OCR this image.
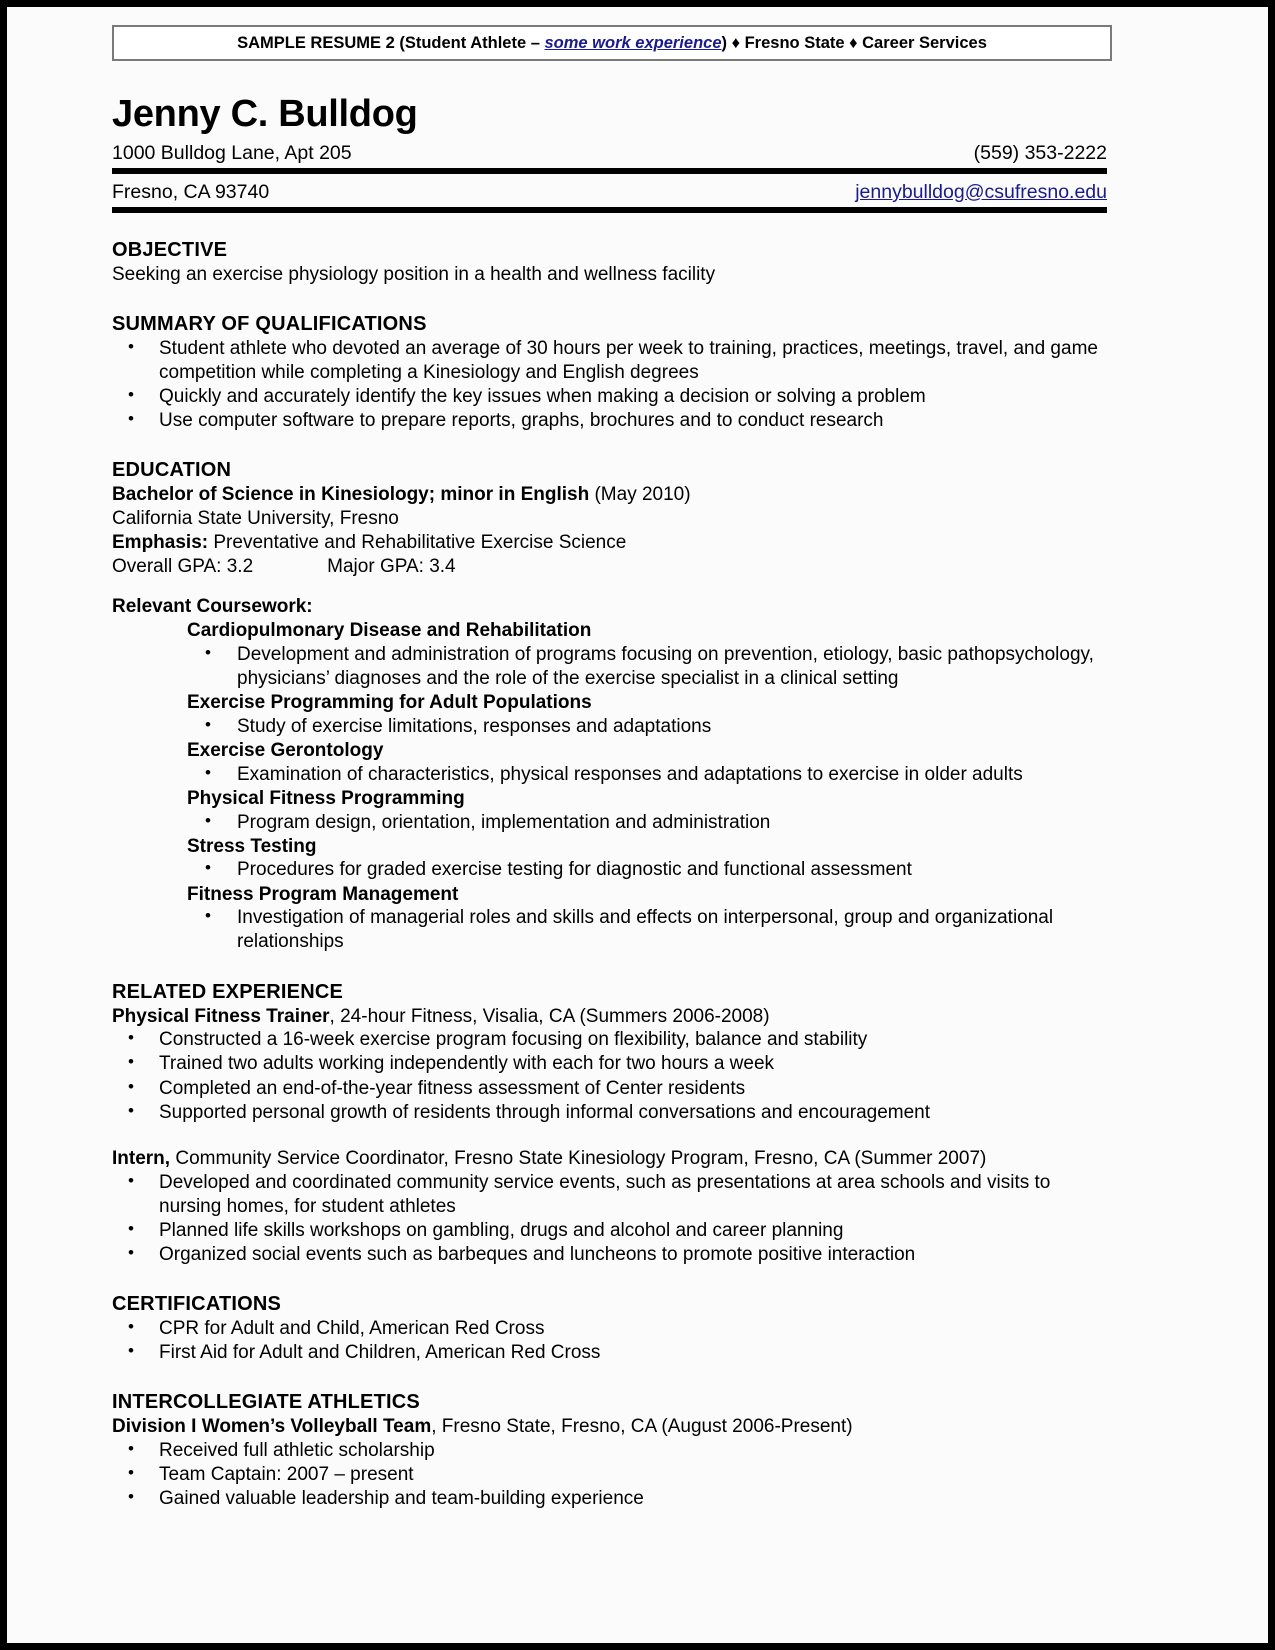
SAMPLE RESUME 2 (Student Athlete – some work experience) ♦ Fresno State ♦ Career Services
Jenny C. Bulldog
1000 Bulldog Lane, Apt 205	(559) 353-2222
Fresno, CA 93740	jennybulldog@csufresno.edu
OBJECTIVE

Seeking an exercise physiology position in a health and wellness facility

SUMMARY OF QUALIFICATIONS
• Student athlete who devoted an average of 30 hours per week to training, practices, meetings, travel, and game competition while completing a Kinesiology and English degrees
• Quickly and accurately identify the key issues when making a decision or solving a problem
• Use computer software to prepare reports, graphs, brochures and to conduct research
EDUCATION

Bachelor of Science in Kinesiology; minor in English (May 2010)

California State University, Fresno

Emphasis: Preventative and Rehabilitative Exercise Science

Overall GPA: 3.2	Major GPA: 3.4

Relevant Coursework:

Cardiopulmonary Disease and Rehabilitation
• Development and administration of programs focusing on prevention, etiology, basic pathopsychology, physicians’ diagnoses and the role of the exercise specialist in a clinical setting
Exercise Programming for Adult Populations
• Study of exercise limitations, responses and adaptations
Exercise Gerontology
• Examination of characteristics, physical responses and adaptations to exercise in older adults
Physical Fitness Programming
• Program design, orientation, implementation and administration
Stress Testing
• Procedures for graded exercise testing for diagnostic and functional assessment
Fitness Program Management
• Investigation of managerial roles and skills and effects on interpersonal, group and organizational relationships
RELATED EXPERIENCE

Physical Fitness Trainer, 24-hour Fitness, Visalia, CA (Summers 2006-2008)

• Constructed a 16-week exercise program focusing on flexibility, balance and stability
• Trained two adults working independently with each for two hours a week
• Completed an end-of-the-year fitness assessment of Center residents
• Supported personal growth of residents through informal conversations and encouragement

Intern, Community Service Coordinator, Fresno State Kinesiology Program, Fresno, CA (Summer 2007)

• Developed and coordinated community service events, such as presentations at area schools and visits to nursing homes, for student athletes
• Planned life skills workshops on gambling, drugs and alcohol and career planning
• Organized social events such as barbeques and luncheons to promote positive interaction
CERTIFICATIONS
• CPR for Adult and Child, American Red Cross
• First Aid for Adult and Children, American Red Cross
INTERCOLLEGIATE ATHLETICS

Division I Women’s Volleyball Team, Fresno State, Fresno, CA (August 2006-Present)

• Received full athletic scholarship
• Team Captain: 2007 – present
• Gained valuable leadership and team-building experience
